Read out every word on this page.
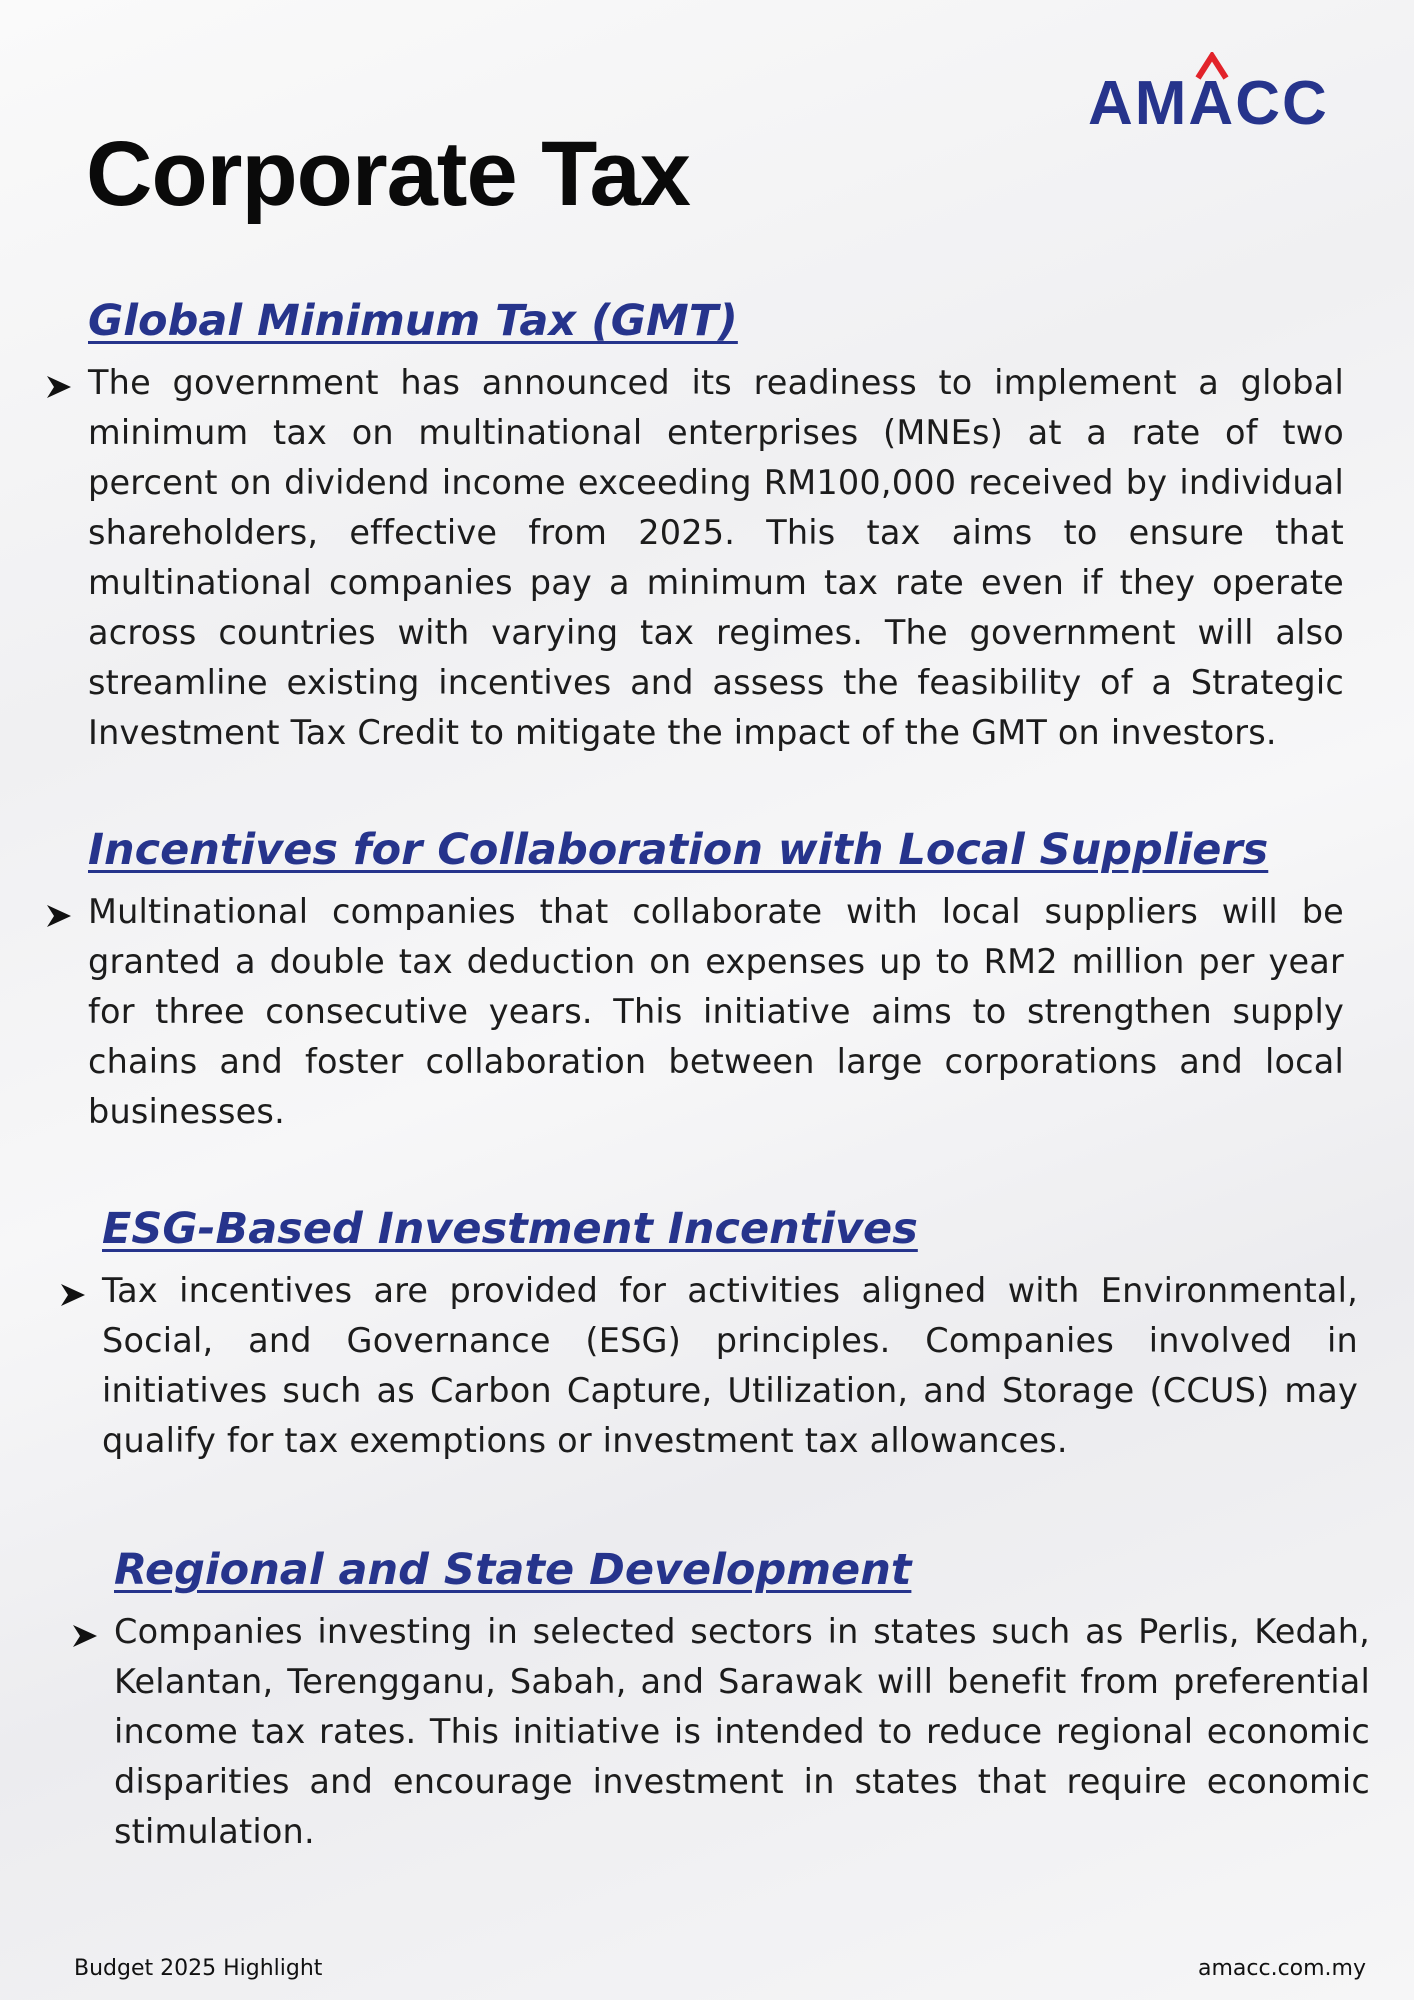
AMACC
Corporate Tax
Global Minimum Tax (GMT)

The government has announced its readiness to implement a global minimum tax on multinational enterprises (MNEs) at a rate of two percent on dividend income exceeding RM100,000 received by individual shareholders, effective from 2025. This tax aims to ensure that multinational companies pay a minimum tax rate even if they operate across countries with varying tax regimes. The government will also streamline existing incentives and assess the feasibility of a Strategic Investment Tax Credit to mitigate the impact of the GMT on investors.

Incentives for Collaboration with Local Suppliers

Multinational companies that collaborate with local suppliers will be granted a double tax deduction on expenses up to RM2 million per year for three consecutive years. This initiative aims to strengthen supply chains and foster collaboration between large corporations and local businesses.

ESG-Based Investment Incentives

Tax incentives are provided for activities aligned with Environmental, Social, and Governance (ESG) principles. Companies involved in initiatives such as Carbon Capture, Utilization, and Storage (CCUS) may qualify for tax exemptions or investment tax allowances.

Regional and State Development

Companies investing in selected sectors in states such as Perlis, Kedah, Kelantan, Terengganu, Sabah, and Sarawak will benefit from preferential income tax rates. This initiative is intended to reduce regional economic disparities and encourage investment in states that require economic stimulation.

Budget 2025 Highlight	amacc.com.my
